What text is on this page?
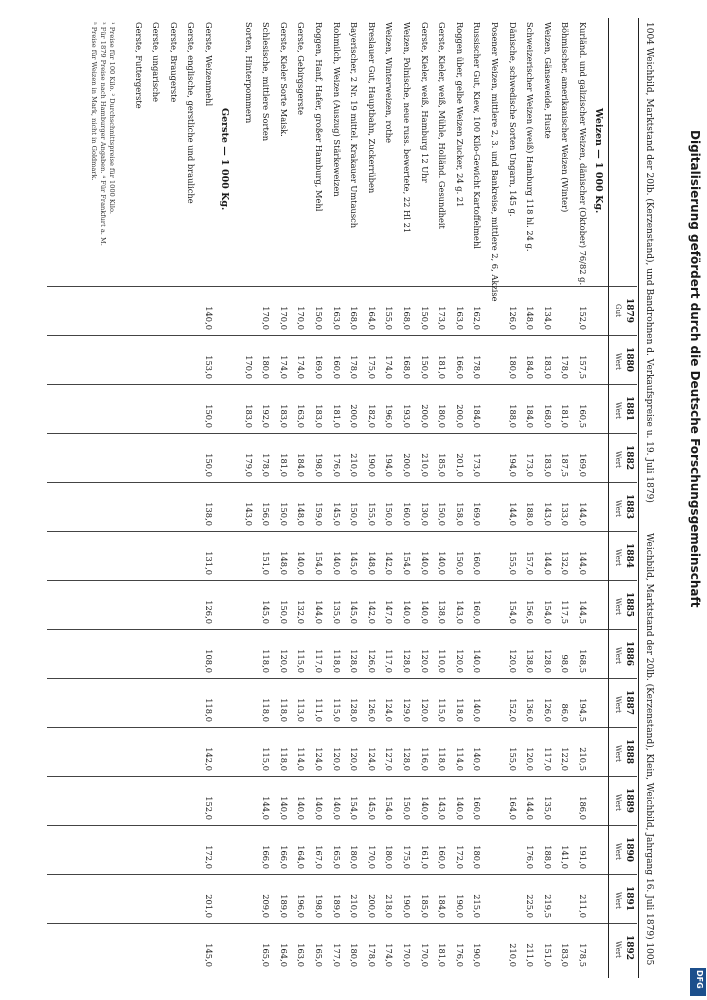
1004 Weichbild, Marktstand der 20lb. (Kerzenstand), und Bandrohnen d. Verkaufspreise u. 19. Juli 1879)
Weichbild, Marktstand der 20lb. (Kerzenstand), Klein, Weichbild, Jahrgang 16. Juli 1879) 1005
1879
Gut
1880
Wert
1881
Wert
1882
Wert
1883
Wert
1884
Wert
1885
Wert
1886
Wert
1887
Wert
1888
Wert
1889
Wert
1890
Wert
1891
Wert
1892
Wert
Weizen — 1 000 Kg.
Kurländ. und galizischer Weizen, dänischer (Oktober) 76/82 g.
152,0
157,5
160,5
169,0
144,0
144,0
144,5
168,5
194,5
210,5
186,0
191,0
211,0
178,5
Böhmischer, amerikanischer Weizen (Winter)
178,0
181,0
187,5
133,0
132,0
117,5
98,0
86,0
122,0
141,0
183,0
Weizen, Gänseweide, Huste
134,0
183,0
168,0
183,0
143,0
144,0
154,0
128,0
126,0
117,0
135,0
188,0
219,5
151,0
Schweizerischer Weizen (weiß) Hamburg 118 hl. 24 g.
148,0
184,0
184,0
173,0
188,0
157,0
156,0
138,0
136,0
120,0
144,0
176,0
225,0
211,0
Dänische, schwedische Sorten Ungarn, 145 g.
126,0
180,0
188,0
194,0
144,0
155,0
154,0
120,0
152,0
155,0
164,0
210,0
Posener Weizen, mittlere 2, 3. und Bankreise, mittlere 2, 6, Akzise
Russischer Gut, Kiew, 100 Kilo-Gewicht Kartoffelmehl
162,0
178,0
184,0
173,0
169,0
160,0
160,0
140,0
140,0
140,0
160,0
180,0
215,0
190,0
Roggen über, gelbe Weizen Zucker, 24 g. 21
163,0
166,0
200,0
201,0
158,0
150,0
143,0
120,0
118,0
114,0
140,0
172,0
190,0
176,0
Gerste, Kieler, weiß, Mühle, Holländ. Gesundheit
173,0
181,0
180,0
185,0
150,0
140,0
138,0
110,0
115,0
118,0
143,0
160,0
184,0
181,0
Gerste, Kieler, weiß, Hamburg 12 Uhr
150,0
150,0
200,0
210,0
130,0
140,0
140,0
120,0
120,0
116,0
140,0
161,0
185,0
170,0
Weizen, Polnische, neue russ. bewertete, 22 Hl 21
168,0
168,0
193,0
200,0
160,0
154,0
140,0
128,0
129,0
128,0
150,0
175,0
190,0
170,0
Weizen, Winterweizen, rothe
155,0
174,0
196,0
194,0
150,0
142,0
147,0
117,0
124,0
127,0
154,0
180,0
218,0
174,0
Breslauer Gut, Hauptbahn, Zuckerrüben
164,0
175,0
182,0
190,0
155,0
148,0
142,0
126,0
126,0
124,0
145,0
170,0
200,0
178,0
Bayerischer, 2 Nr. 19 mittel. Krakauer Umtausch
168,0
178,0
200,0
210,0
150,0
145,0
145,0
128,0
128,0
120,0
154,0
180,0
210,0
180,0
Rohmilch, Weizen (Auszug) Stärkeweizen
163,0
160,0
181,0
176,0
145,0
140,0
135,0
118,0
115,0
120,0
140,0
165,0
189,0
177,0
Roggen, Hanf, Hafer, großer Hamburg, Mehl
150,0
169,0
183,0
198,0
159,0
154,0
144,0
117,0
111,0
124,0
140,0
167,0
198,0
165,0
Gerste, Gebirgsgerste
170,0
174,0
163,0
184,0
148,0
140,0
132,0
115,0
113,0
114,0
140,0
164,0
196,0
163,0
Gerste, Kieler Sorte Maisk.
170,0
174,0
183,0
181,0
150,0
148,0
150,0
120,0
118,0
118,0
140,0
166,0
189,0
164,0
Schlesische, mittlere Sorten
170,0
180,0
192,0
178,0
156,0
151,0
145,0
118,0
118,0
115,0
144,0
166,0
209,0
165,0
Sorten, Hinterpommern
170,0
183,0
179,0
143,0
Gerste — 1 000 Kg.
Gerste, Weizenmehl
140,0
153,0
150,0
150,0
138,0
131,0
126,0
108,0
118,0
142,0
152,0
172,0
201,0
145,0
Gerste, englische, gerstliche und brauliche
Gerste, Braugerste
Gerste, ungarische
Gerste, Futtergerste
¹ Preise für 100 Kilo. ² Durchschnittspreise für 1000 Kilo.
³ Für 1879 Preise nach Hamburger Angaben. ⁴ Für Frankfurt a. M.
⁵ Preise für Weizen in Mark, nicht in Goldmark.
Digitalisierung gefördert durch die Deutsche Forschungsgemeinschaft
DFG
